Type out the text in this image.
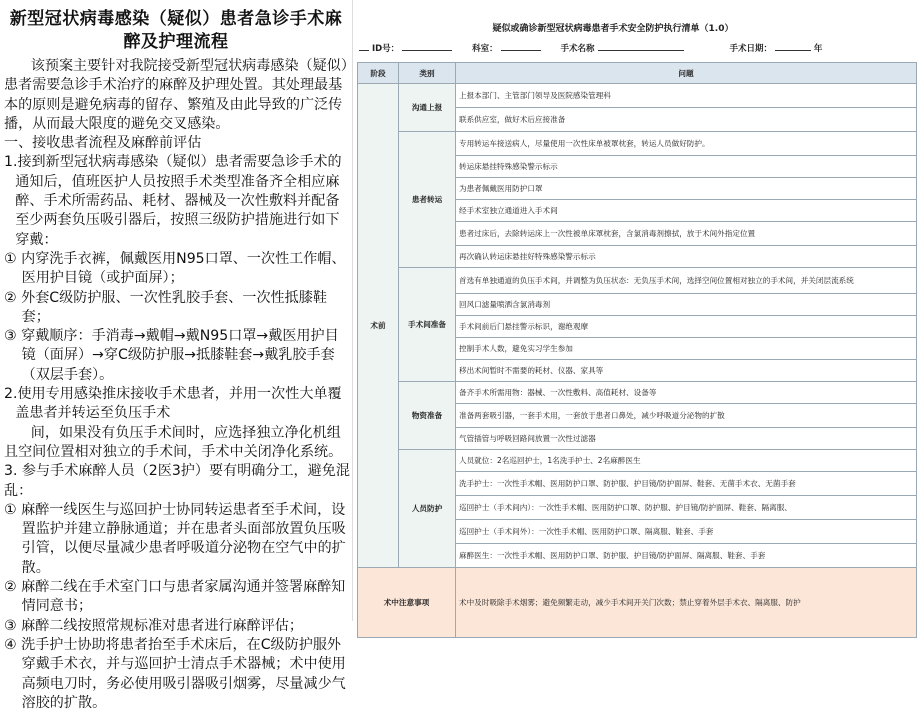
新型冠状病毒感染（疑似）患者急诊手术麻醉及护理流程

该预案主要针对我院接受新型冠状病毒感染（疑似）患者需要急诊手术治疗的麻醉及护理处置。其处理最基本的原则是避免病毒的留存、繁殖及由此导致的广泛传播，从而最大限度的避免交叉感染。

一、接收患者流程及麻醉前评估

1.接到新型冠状病毒感染（疑似）患者需要急诊手术的通知后，值班医护人员按照手术类型准备齐全相应麻醉、手术所需药品、耗材、器械及一次性敷料并配备至少两套负压吸引器后，按照三级防护措施进行如下穿戴：

① 内穿洗手衣裤，佩戴医用N95口罩、一次性工作帽、医用护目镜（或护面屏）；

② 外套C级防护服、一次性乳胶手套、一次性抵膝鞋套；

③ 穿戴顺序：手消毒→戴帽→戴N95口罩→戴医用护目镜（面屏）→穿C级防护服→抵膝鞋套→戴乳胶手套（双层手套）。

2.使用专用感染推床接收手术患者，并用一次性大单覆盖患者并转运至负压手术

间，如果没有负压手术间时，应选择独立净化机组且空间位置相对独立的手术间，手术中关闭净化系统。

3. 参与手术麻醉人员（2医3护）要有明确分工，避免混乱：

① 麻醉一线医生与巡回护士协同转运患者至手术间，设置监护并建立静脉通道；并在患者头面部放置负压吸引管，以便尽量减少患者呼吸道分泌物在空气中的扩散。

② 麻醉二线在手术室门口与患者家属沟通并签署麻醉知情同意书；

③ 麻醉二线按照常规标准对患者进行麻醉评估；

④ 洗手护士协助将患者抬至手术床后，在C级防护服外穿戴手术衣，并与巡回护士清点手术器械；术中使用高频电刀时，务必使用吸引器吸引烟雾，尽量减少气溶胶的扩散。

疑似或确诊新型冠状病毒患者手术安全防护执行清单（1.0）
ID号：	科室：	手术名称	手术日期：	年
阶段	类别	问题
术前	沟通上报	上报本部门、主管部门领导及医院感染管理科
		联系供应室，做好术后应接准备
	患者转运	专用转运车接送病人，尽量使用一次性床单被罩枕套，转运人员做好防护。
		转运床悬挂特殊感染警示标示
		为患者佩戴医用防护口罩
		经手术室独立通道进入手术间
		患者过床后，去除转运床上一次性被单床罩枕套，含氯消毒剂擦拭，放于术间外指定位置
		再次确认转运床悬挂好特殊感染警示标示
	手术间准备	首选有单独通道的负压手术间，并调整为负压状态：无负压手术间，选择空间位置相对独立的手术间，并关闭层流系统
		回风口滤量喷洒含氯消毒剂
		手术间前后门悬挂警示标识，谢绝观摩
		控制手术人数，避免实习学生参加
		移出术间暂时不需要的耗材、仪器、家具等
	物资准备	备齐手术所需用物：器械、一次性敷料、高值耗材、设备等
		准备两套吸引器，一套手术用，一套放于患者口鼻处，减少呼吸道分泌物的扩散
		气管插管与呼吸回路间放置一次性过滤器
	人员防护	人员就位：2名巡回护士，1名洗手护士、2名麻醉医生
		洗手护士：一次性手术帽、医用防护口罩、防护服、护目镜/防护面屏、鞋套、无菌手术衣、无菌手套
		巡回护士（手术间内）：一次性手术帽、医用防护口罩、防护服、护目镜/防护面屏、鞋套、隔离服、
		巡回护士（手术间外）：一次性手术帽、医用防护口罩、隔离服、鞋套、手套
		麻醉医生：一次性手术帽、医用防护口罩、防护服、护目镜/防护面屏、隔离服、鞋套、手套
术中注意事项		术中及时吸除手术烟雾；避免频繁走动，减少手术间开关门次数；禁止穿着外层手术衣、隔离服、防护
